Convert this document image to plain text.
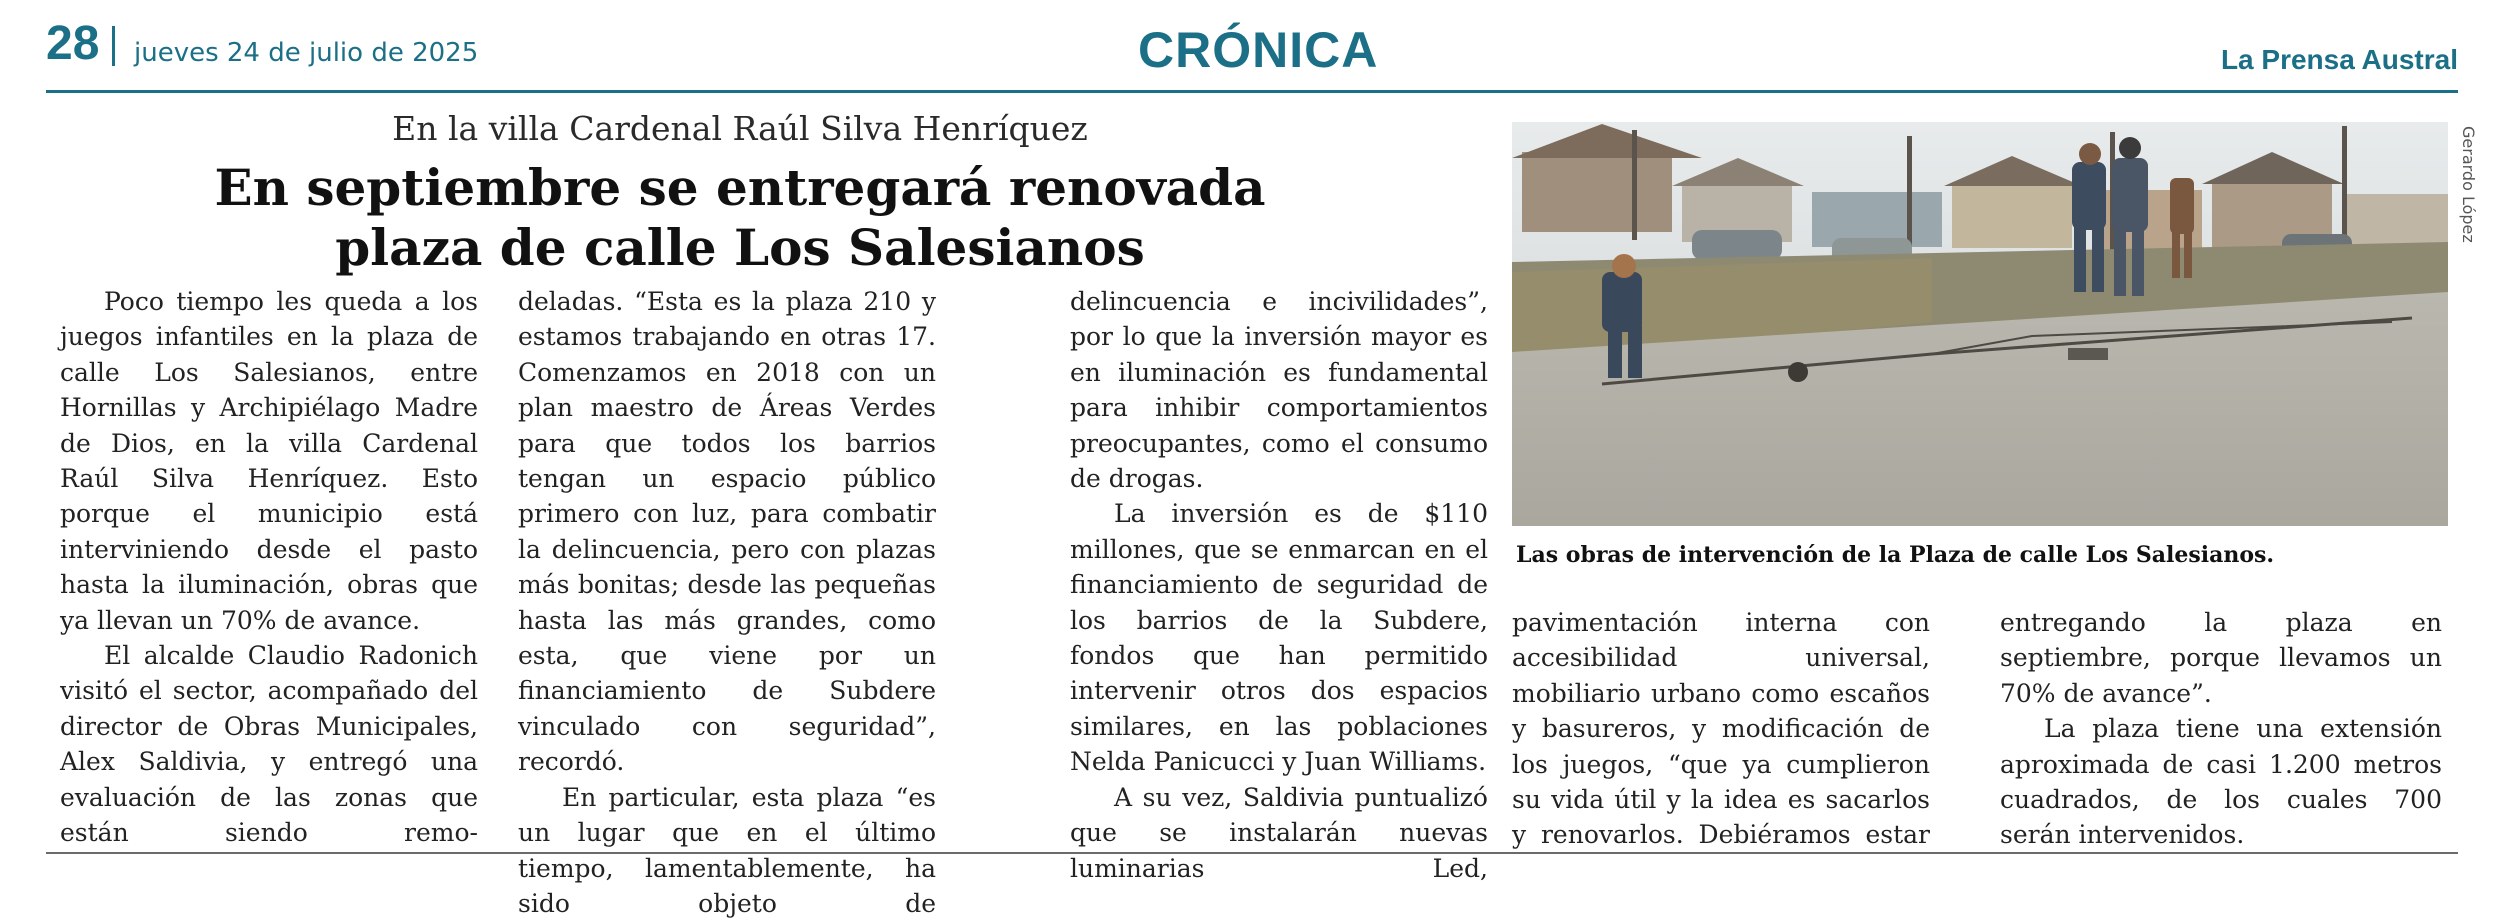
28 jueves 24 de julio de 2025	CRÓNICA	La Prensa Austral
En la villa Cardenal Raúl Silva Henríquez
En septiembre se entregará renovada
plaza de calle Los Salesianos

Poco tiempo les queda a los juegos infantiles en la plaza de calle Los Salesianos, entre Hornillas y Archipiélago Madre de Dios, en la villa Cardenal Raúl Silva Henríquez. Esto porque el municipio está interviniendo desde el pasto hasta la iluminación, obras que ya llevan un 70% de avance.

El alcalde Claudio Radonich visitó el sector, acompañado del director de Obras Municipales, Alex Saldivia, y entregó una evaluación de las zonas que están siendo remo-

deladas. “Esta es la plaza 210 y estamos trabajando en otras 17. Comenzamos en 2018 con un plan maestro de Áreas Verdes para que todos los barrios tengan un espacio público primero con luz, para combatir la delincuencia, pero con plazas más bonitas; desde las pequeñas hasta las más grandes, como esta, que viene por un financiamiento de Subdere vinculado con seguridad”, recordó.

En particular, esta plaza “es un lugar que en el último tiempo, lamentablemente, ha sido objeto de

delincuencia e incivilidades”, por lo que la inversión mayor es en iluminación es fundamental para inhibir comportamientos preocupantes, como el consumo de drogas.

La inversión es de $110 millones, que se enmarcan en el financiamiento de seguridad de los barrios de la Subdere, fondos que han permitido intervenir otros dos espacios similares, en las poblaciones Nelda Panicucci y Juan Williams.

A su vez, Saldivia puntualizó que se instalarán nuevas luminarias Led,

Gerardo López
Las obras de intervención de la Plaza de calle Los Salesianos.

pavimentación interna con accesibilidad universal, mobiliario urbano como escaños y basureros, y modificación de los juegos, “que ya cumplieron su vida útil y la idea es sacarlos y renovarlos. Debiéramos estar

entregando la plaza en septiembre, porque llevamos un 70% de avance”.

La plaza tiene una extensión aproximada de casi 1.200 metros cuadrados, de los cuales 700 serán intervenidos.
